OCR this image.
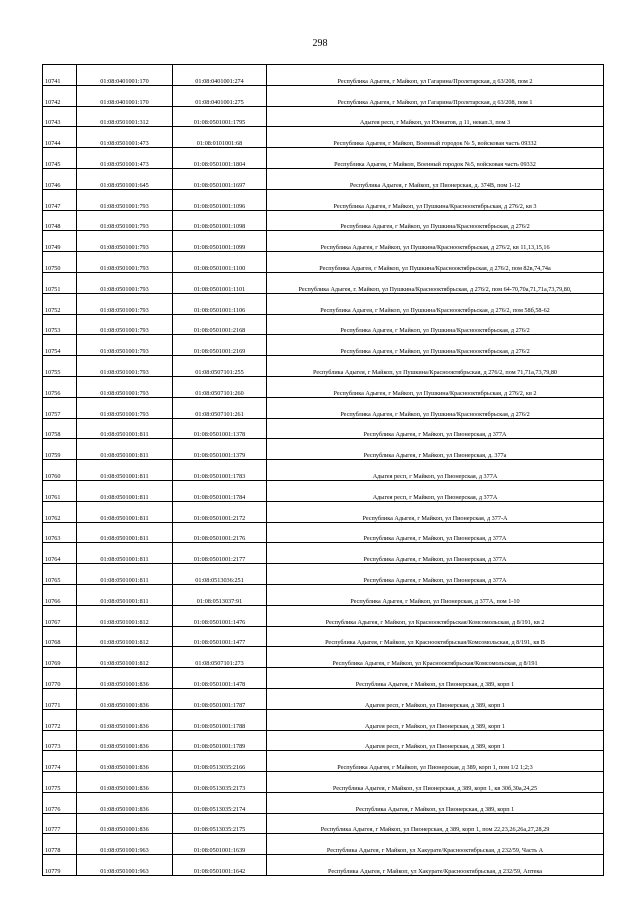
298
10741	01:08:0401001:170	01:08:0401001:274	Республика Адыгея, г Майкоп, ул Гагарина/Пролетарская, д 63/208, пом 2
10742	01:08:0401001:170	01:08:0401001:275	Республика Адыгея, г Майкоп, ул Гагарина/Пролетарская, д 63/208, пом 1
10743	01:08:0501001:312	01:08:0501001:1795	Адыгея респ, г Майкоп, ул Юннатов, д 11, некап.3, пом 3
10744	01:08:0501001:473	01:08:0101001:68	Республика Адыгея, г Майкоп, Военный городок № 5, войсковая часть 09332
10745	01:08:0501001:473	01:08:0501001:1804	Республика Адыгея, г Майкоп, Военный городок №5, войсковая часть 09332
10746	01:08:0501001:645	01:08:0501001:1697	Республика Адыгея, г Майкоп, ул Пионерская, д. 374В, пом 1-12
10747	01:08:0501001:793	01:08:0501001:1096	Республика Адыгея, г Майкоп, ул Пушкина/Краснооктябрьская, д 276/2, кв 3
10748	01:08:0501001:793	01:08:0501001:1098	Республика Адыгея, г Майкоп, ул Пушкина/Краснооктябрьская, д 276/2
10749	01:08:0501001:793	01:08:0501001:1099	Республика Адыгея, г Майкоп, ул Пушкина/Краснооктябрьская, д 276/2, кв 11,13,15,16
10750	01:08:0501001:793	01:08:0501001:1100	Республика Адыгея, г Майкоп, ул Пушкина/Краснооктябрьская, д 276/2, пом 82в,74,74а
10751	01:08:0501001:793	01:08:0501001:1101	Республика Адыгея, г. Майкоп, ул Пушкина/Краснооктябрьская, д 276/2, пом 64-70,70а,71,71а,73,79,80,
10752	01:08:0501001:793	01:08:0501001:1106	Республика Адыгея, г Майкоп, ул Пушкина/Краснооктябрьская, д 276/2, пом 58б,58-62
10753	01:08:0501001:793	01:08:0501001:2168	Республика Адыгея, г Майкоп, ул Пушкина/Краснооктябрьская, д 276/2
10754	01:08:0501001:793	01:08:0501001:2169	Республика Адыгея, г Майкоп, ул Пушкина/Краснооктябрьская, д 276/2
10755	01:08:0501001:793	01:08:0507101:255	Республика Адыгея, г Майкоп, ул Пушкина/Краснооктябрьская, д 276/2, пом 71,71а,73,79,80
10756	01:08:0501001:793	01:08:0507101:260	Республика Адыгея, г Майкоп, ул Пушкина/Краснооктябрьская, д 276/2, кв 2
10757	01:08:0501001:793	01:08:0507101:261	Республика Адыгея, г Майкоп, ул Пушкина/Краснооктябрьская, д 276/2
10758	01:08:0501001:811	01:08:0501001:1378	Республика Адыгея, г Майкоп, ул Пионерская, д 377А
10759	01:08:0501001:811	01:08:0501001:1379	Республика Адыгея, г Майкоп, ул Пионерская, д. 377а
10760	01:08:0501001:811	01:08:0501001:1783	Адыгея респ, г Майкоп, ул Пионерская, д 377А
10761	01:08:0501001:811	01:08:0501001:1784	Адыгея респ, г Майкоп, ул Пионерская, д 377А
10762	01:08:0501001:811	01:08:0501001:2172	Республика Адыгея, г Майкоп, ул Пионерская, д 377-А
10763	01:08:0501001:811	01:08:0501001:2176	Республика Адыгея, г Майкоп, ул Пионерская, д 377А
10764	01:08:0501001:811	01:08:0501001:2177	Республика Адыгея, г Майкоп, ул Пионерская, д 377А
10765	01:08:0501001:811	01:08:0513036:251	Республика Адыгея, г Майкоп, ул Пионерская, д 377А
10766	01:08:0501001:811	01:08:0513037:91	Республика Адыгея, г Майкоп, ул Пионерская, д 377А, пом 1-10
10767	01:08:0501001:812	01:08:0501001:1476	Республика Адыгея, г Майкоп, ул Краснооктябрьская/Комсомольская, д 8/191, кв 2
10768	01:08:0501001:812	01:08:0501001:1477	Республика Адыгея, г Майкоп, ул Краснооктябрьская/Комсомольская, д 8/191, кв В
10769	01:08:0501001:812	01:08:0507101:273	Республика Адыгея, г Майкоп, ул Краснооктябрьская/Комсомольская, д 8/191
10770	01:08:0501001:836	01:08:0501001:1478	Республика Адыгея, г Майкоп, ул Пионерская, д 389, корп 1
10771	01:08:0501001:836	01:08:0501001:1787	Адыгея респ, г Майкоп, ул Пионерская, д 389, корп 1
10772	01:08:0501001:836	01:08:0501001:1788	Адыгея респ, г Майкоп, ул Пионерская, д 389, корп 1
10773	01:08:0501001:836	01:08:0501001:1789	Адыгея респ, г Майкоп, ул Пионерская, д 389, корп 1
10774	01:08:0501001:836	01:08:0513035:2166	Республика Адыгея, г Майкоп, ул Пионерская, д 389, корп 1, пом 1/2 1;2;3
10775	01:08:0501001:836	01:08:0513035:2173	Республика Адыгея, г Майкоп, ул Пионерская, д 389, корп 1, кв 30б,30а,24,25
10776	01:08:0501001:836	01:08:0513035:2174	Республика Адыгея, г Майкоп, ул Пионерская, д 389, корп 1
10777	01:08:0501001:836	01:08:0513035:2175	Республика Адыгея, г Майкоп, ул Пионерская, д 389, корп 1, пом 22,23,26,26а,27,28,29
10778	01:08:0501001:963	01:08:0501001:1639	Республика Адыгея, г Майкоп, ул Хакурате/Краснооктябрьская, д 232/59, Часть А
10779	01:08:0501001:963	01:08:0501001:1642	Республика Адыгея, г Майкоп, ул Хакурате/Краснооктябрьская, д 232/59, Аптека
